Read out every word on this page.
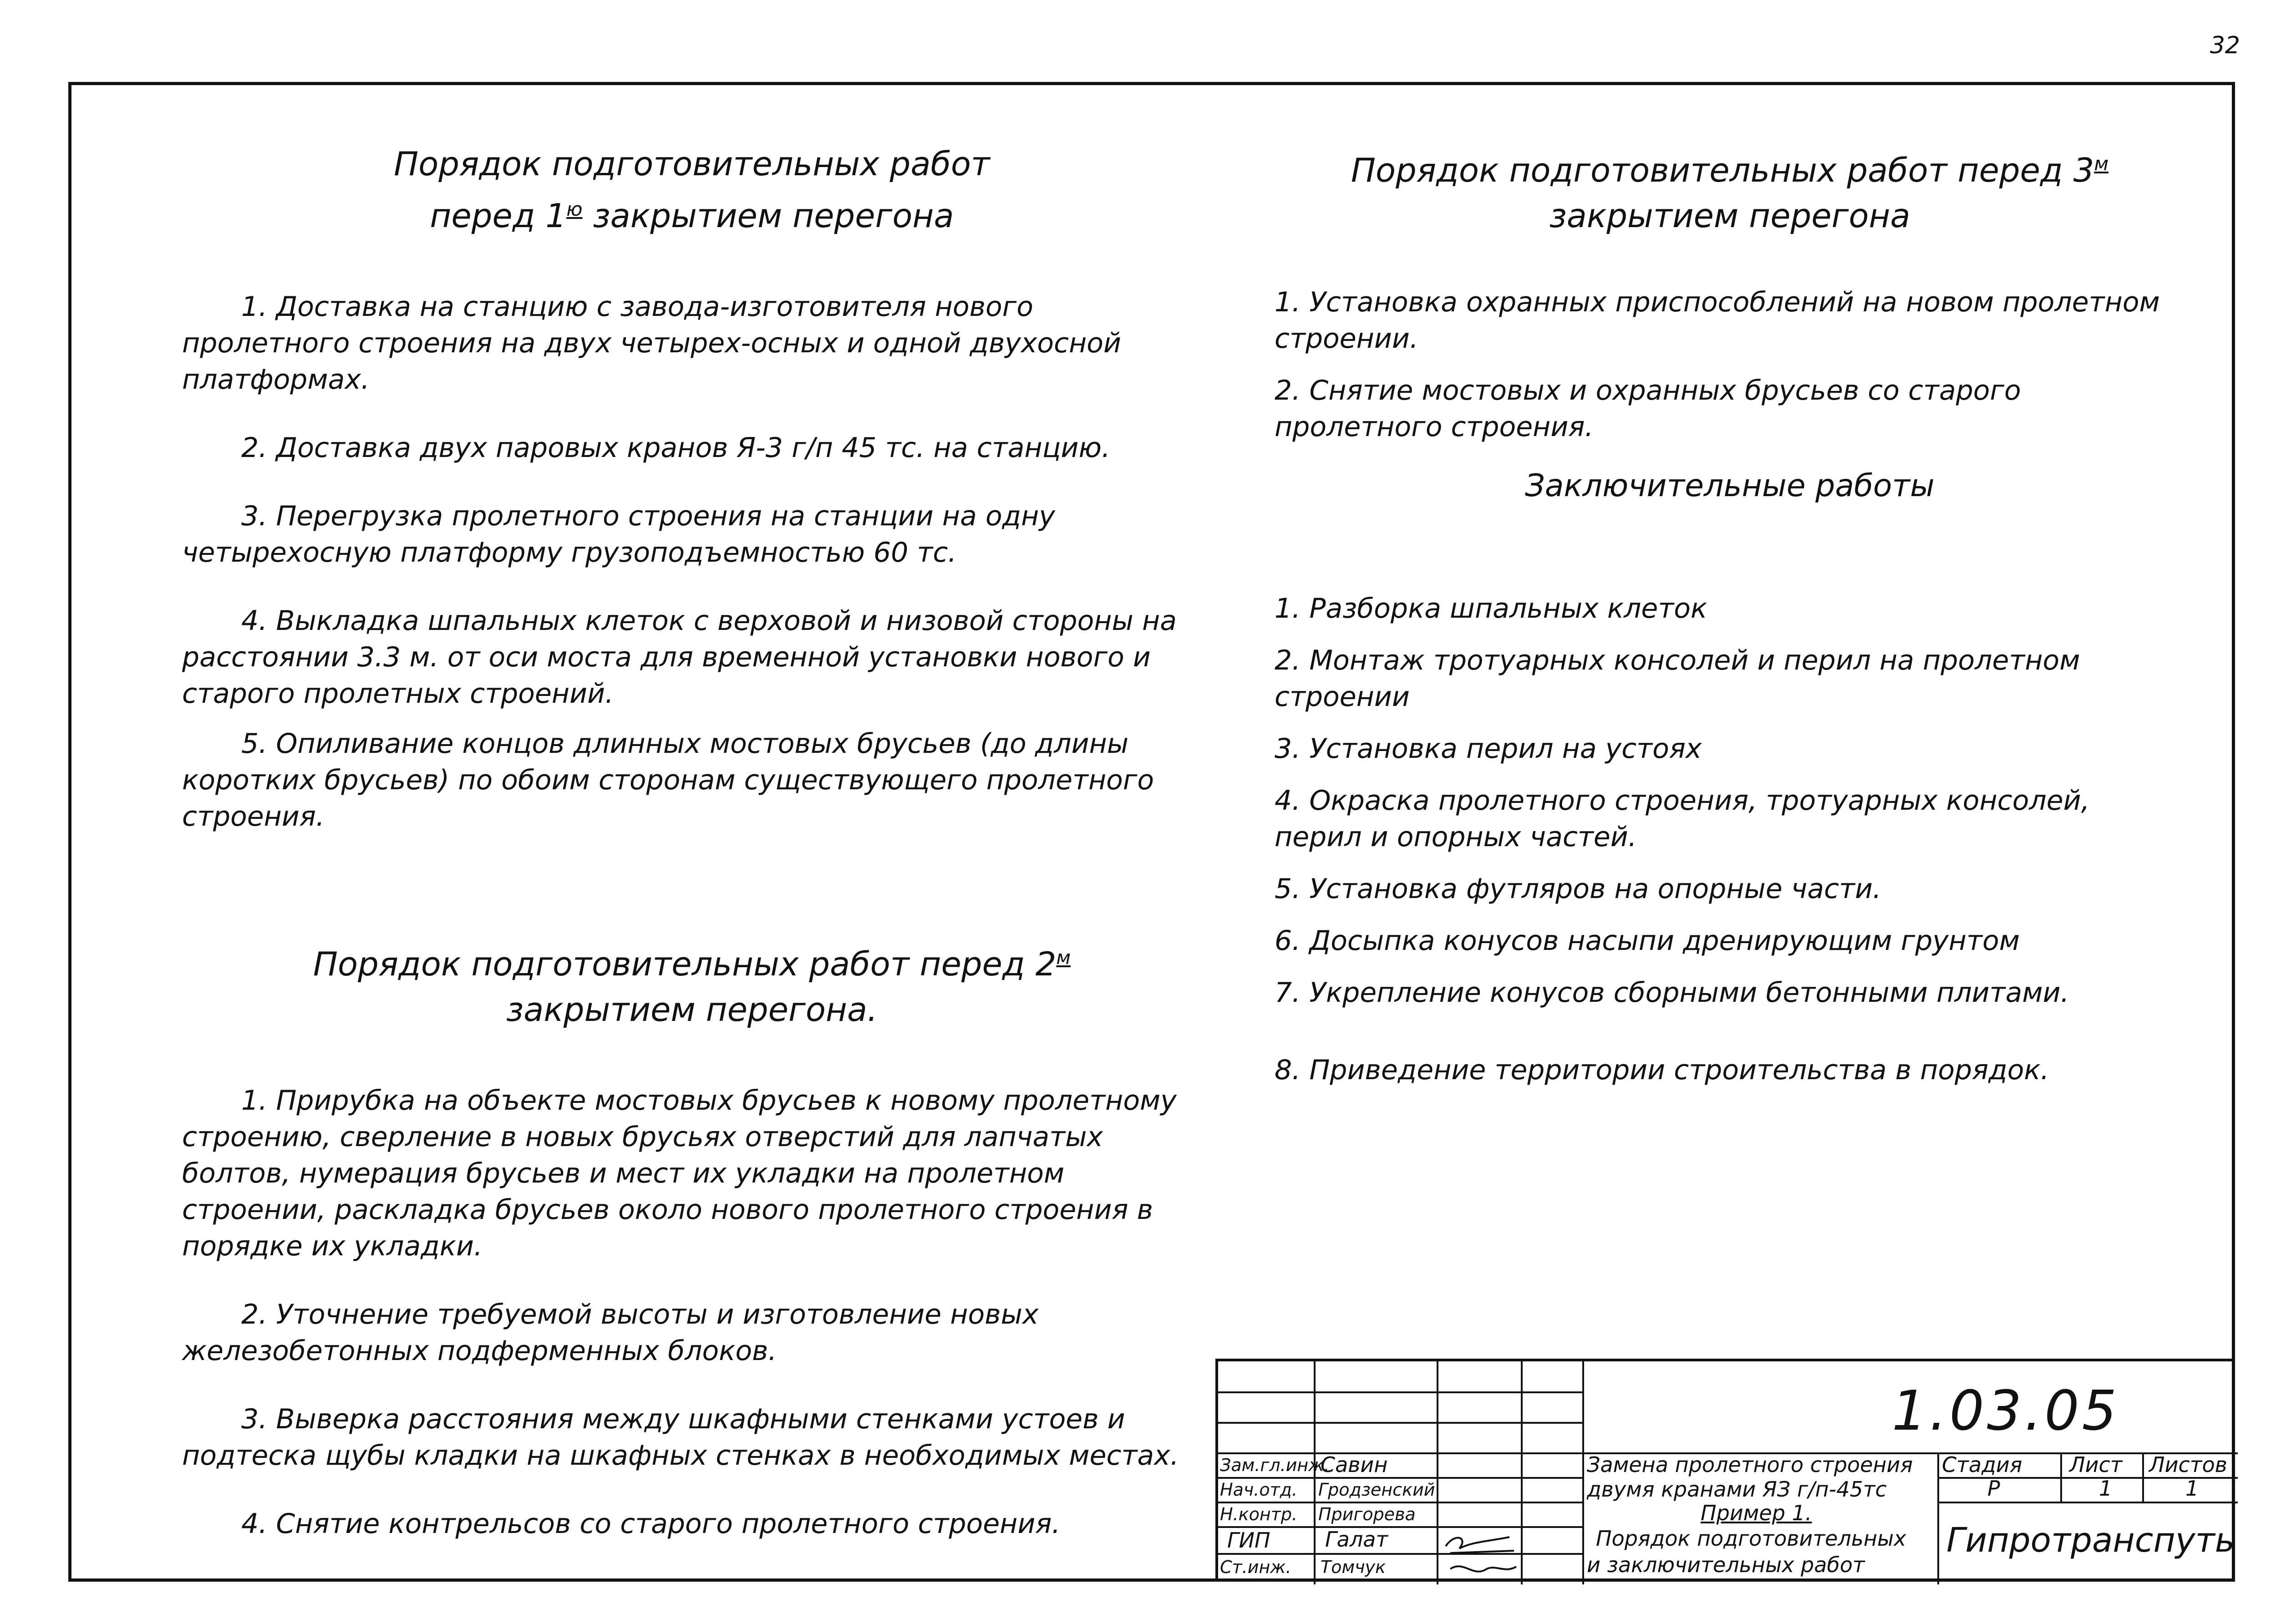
32
Порядок подготовительных работ
перед $1^ю$ закрытием перегона

1. Доставка на станцию с завода-изготовителя нового пролетного строения на двух четырех-осных и одной двухосной платформах.

2. Доставка двух паровых кранов Я-3 г/п 45 тс. на станцию.

3. Перегрузка пролетного строения на станции на одну четырехосную платформу грузоподъемностью 60 тс.

4. Выкладка шпальных клеток с верховой и низовой стороны на расстоянии 3.3 м. от оси моста для временной установки нового и старого пролетных строений.

5. Опиливание концов длинных мостовых брусьев (до длины коротких брусьев) по обоим сторонам существующего пролетного строения.

Порядок подготовительных работ перед $2^м$
закрытием перегона.

1. Прирубка на объекте мостовых брусьев к новому пролетному строению, сверление в новых брусьях отверстий для лапчатых болтов, нумерация брусьев и мест их укладки на пролетном строении, раскладка брусьев около нового пролетного строения в порядке их укладки.

2. Уточнение требуемой высоты и изготовление новых железобетонных подферменных блоков.

3. Выверка расстояния между шкафными стенками устоев и подтеска щубы кладки на шкафных стенках в необходимых местах.

4. Снятие контрельсов со старого пролетного строения.

Порядок подготовительных работ перед $3^м$
закрытием перегона

1. Установка охранных приспособлений на новом пролетном строении.

2. Снятие мостовых и охранных брусьев со старого пролетного строения.

Заключительные работы

1. Разборка шпальных клеток

2. Монтаж тротуарных консолей и перил на пролетном строении

3. Установка перил на устоях

4. Окраска пролетного строения, тротуарных консолей, перил и опорных частей.

5. Установка футляров на опорные части.

6. Досыпка конусов насыпи дренирующим грунтом

7. Укрепление конусов сборными бетонными плитами.

8. Приведение территории строительства в порядок.

1.03.05
Зам.гл.инж.
Нач.отд.
Н.контр.
ГИП
Ст.инж.
Савин
Гродзенский
Пригорева
Галат
Томчук
Замена пролетного строения
двумя кранами ЯЗ г/п-45тс
Пример 1.
Порядок подготовительных
и заключительных работ
Стадия Лист Листов
Р	1	1
Гипротранспуть
